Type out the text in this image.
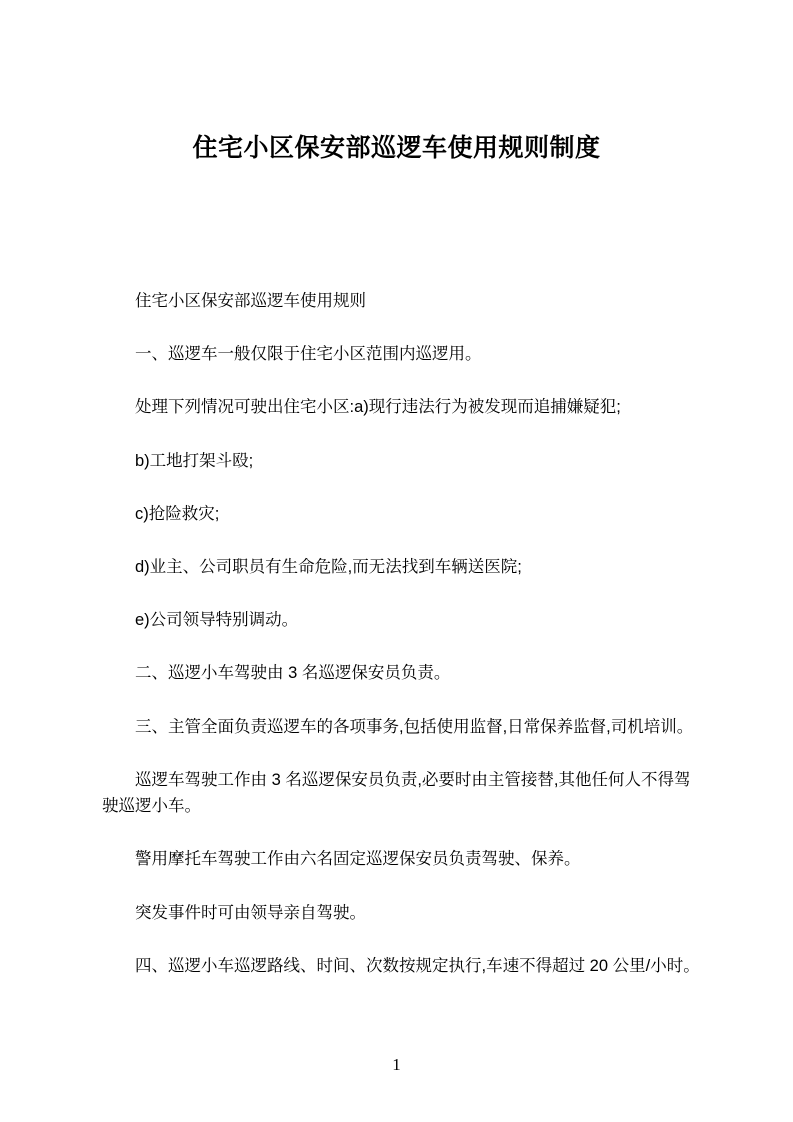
住宅小区保安部巡逻车使用规则制度

住宅小区保安部巡逻车使用规则

一、巡逻车一般仅限于住宅小区范围内巡逻用。

处理下列情况可驶出住宅小区:a)现行违法行为被发现而追捕嫌疑犯;

b)工地打架斗殴;

c)抢险救灾;

d)业主、公司职员有生命危险,而无法找到车辆送医院;

e)公司领导特别调动。

二、巡逻小车驾驶由 3 名巡逻保安员负责。

三、主管全面负责巡逻车的各项事务,包括使用监督,日常保养监督,司机培训。

巡逻车驾驶工作由 3 名巡逻保安员负责,必要时由主管接替,其他任何人不得驾驶巡逻小车。

警用摩托车驾驶工作由六名固定巡逻保安员负责驾驶、保养。

突发事件时可由领导亲自驾驶。

四、巡逻小车巡逻路线、时间、次数按规定执行,车速不得超过 20 公里/小时。

1
